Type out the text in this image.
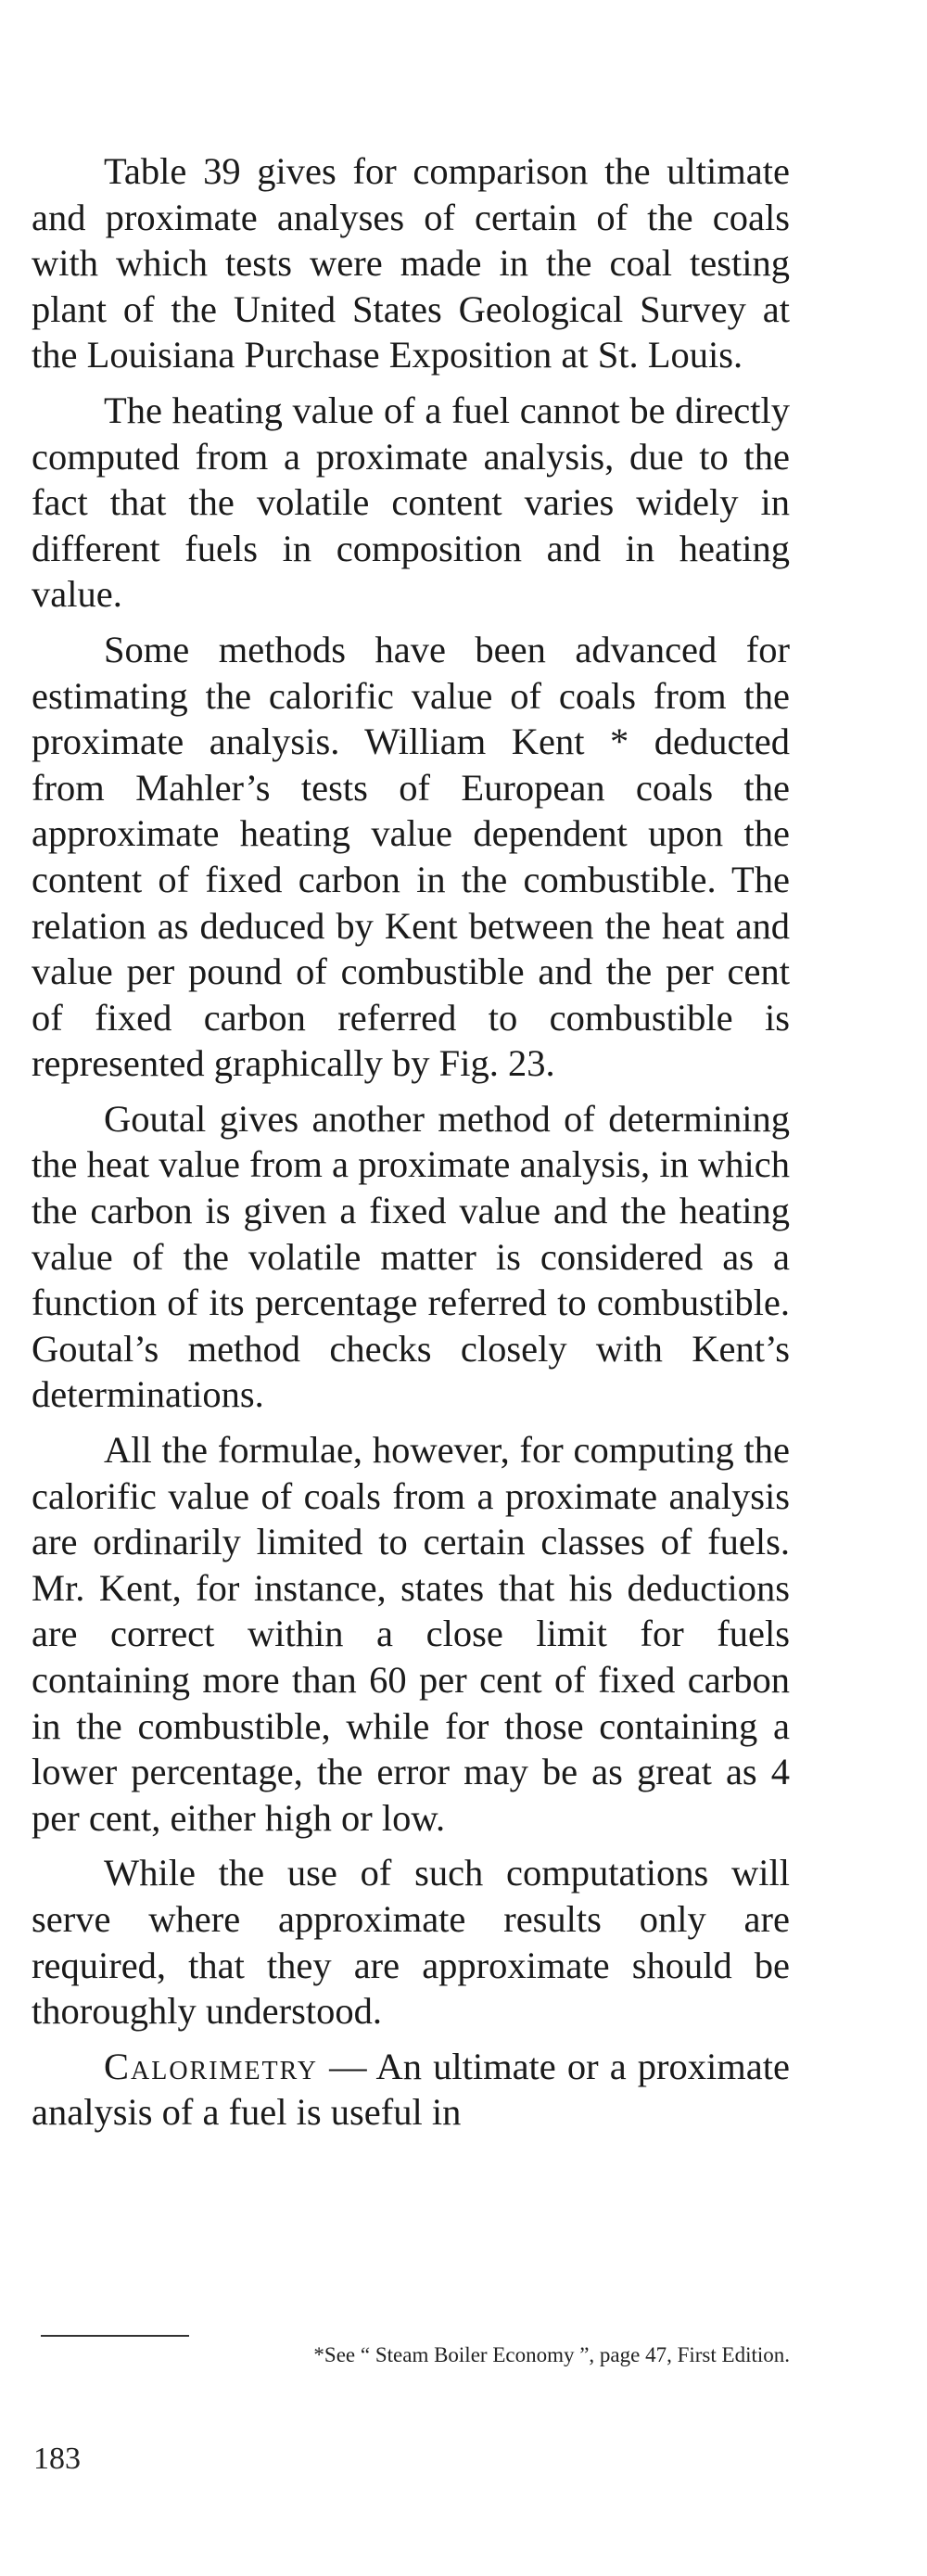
Table 39 gives for comparison the ultimate and proximate analyses of certain of the coals with which tests were made in the coal testing plant of the United States Geological Survey at the Louisiana Purchase Exposition at St. Louis.

The heating value of a fuel cannot be directly computed from a proximate analysis, due to the fact that the volatile content varies widely in different fuels in composition and in heating value.

Some methods have been advanced for estimating the calorific value of coals from the proximate analysis. William Kent * deducted from Mahler’s tests of European coals the approximate heating value dependent upon the content of fixed carbon in the combustible. The relation as deduced by Kent between the heat and value per pound of combustible and the per cent of fixed carbon referred to combustible is represented graphically by Fig. 23.

Goutal gives another method of determining the heat value from a proximate analysis, in which the carbon is given a fixed value and the heating value of the volatile matter is considered as a function of its percentage referred to combustible. Goutal’s method checks closely with Kent’s determinations.

All the formulae, however, for computing the calorific value of coals from a proximate analysis are ordinarily limited to certain classes of fuels. Mr. Kent, for instance, states that his deductions are correct within a close limit for fuels containing more than 60 per cent of fixed carbon in the combustible, while for those containing a lower percentage, the error may be as great as 4 per cent, either high or low.

While the use of such computations will serve where approximate results only are required, that they are approximate should be thoroughly understood.

Calorimetry — An ultimate or a proximate analysis of a fuel is useful in

*See “ Steam Boiler Economy ”, page 47, First Edition.
183
